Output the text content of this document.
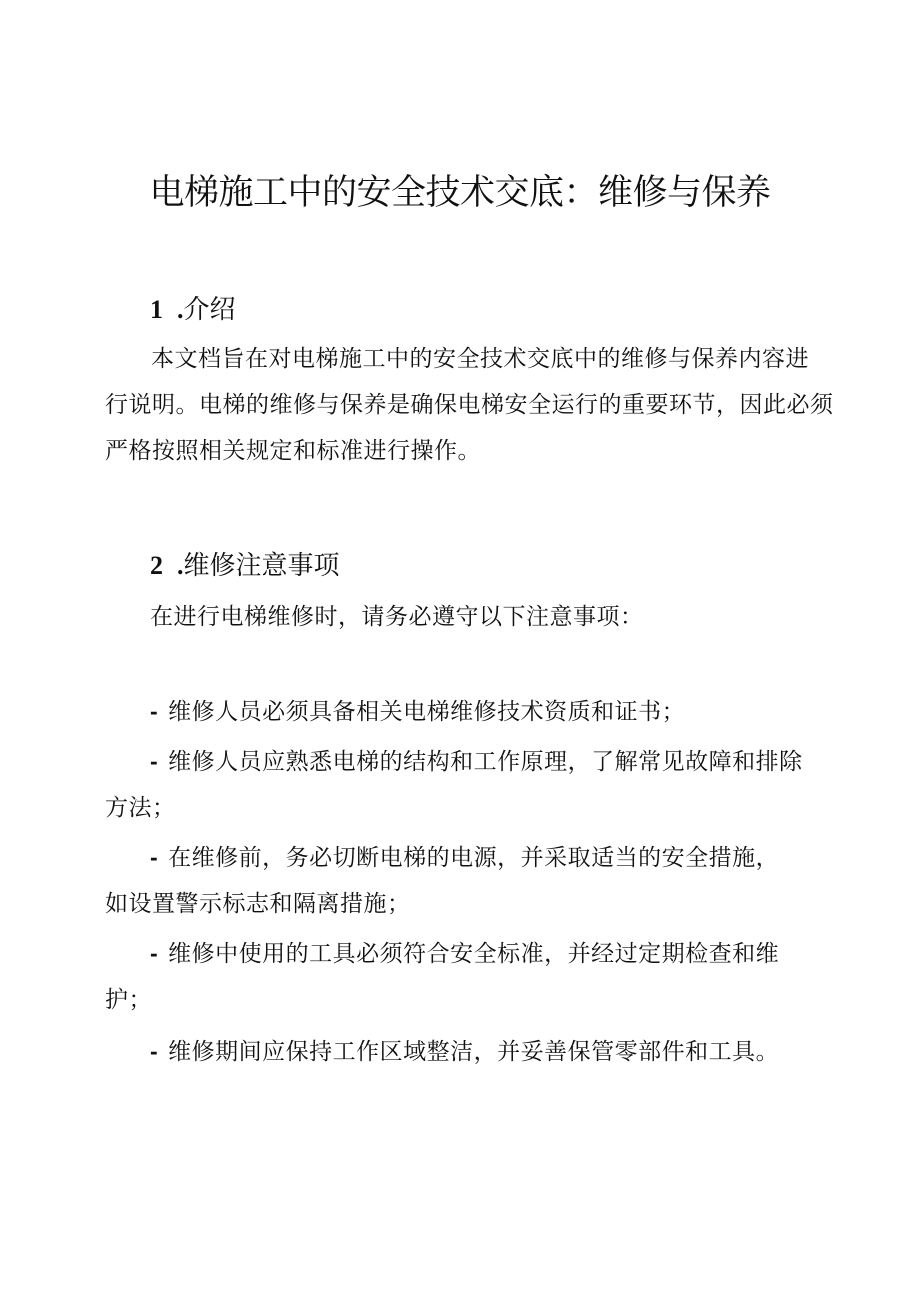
电梯施工中的安全技术交底：维修与保养
1 .介绍
本文档旨在对电梯施工中的安全技术交底中的维修与保养内容进
行说明。电梯的维修与保养是确保电梯安全运行的重要环节，因此必须
严格按照相关规定和标准进行操作。
2 .维修注意事项
在进行电梯维修时，请务必遵守以下注意事项：
- 维修人员必须具备相关电梯维修技术资质和证书；
- 维修人员应熟悉电梯的结构和工作原理，了解常见故障和排除
方法；
- 在维修前，务必切断电梯的电源，并采取适当的安全措施，
如设置警示标志和隔离措施；
- 维修中使用的工具必须符合安全标准，并经过定期检查和维
护；
- 维修期间应保持工作区域整洁，并妥善保管零部件和工具。
